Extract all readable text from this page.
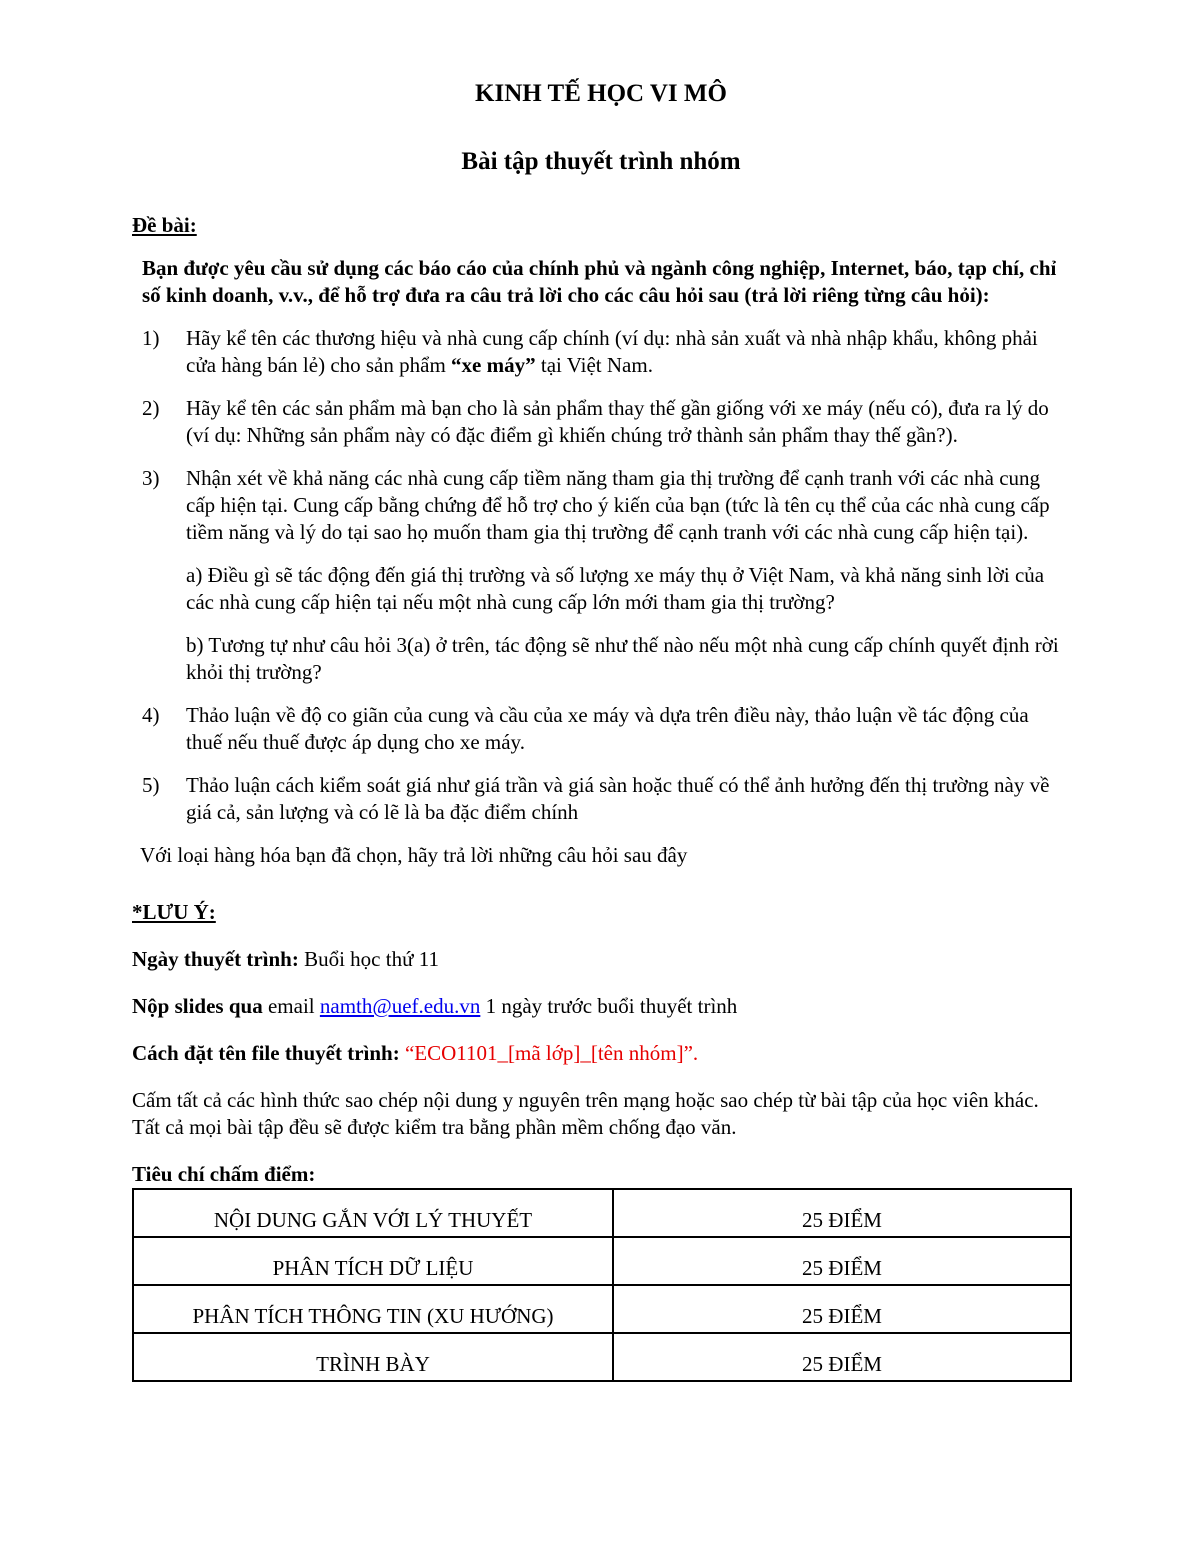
KINH TẾ HỌC VI MÔ

Bài tập thuyết trình nhóm

Đề bài:

Bạn được yêu cầu sử dụng các báo cáo của chính phủ và ngành công nghiệp, Internet, báo, tạp chí, chỉ số kinh doanh, v.v., để hỗ trợ đưa ra câu trả lời cho các câu hỏi sau (trả lời riêng từng câu hỏi):

1) Hãy kể tên các thương hiệu và nhà cung cấp chính (ví dụ: nhà sản xuất và nhà nhập khẩu, không phải cửa hàng bán lẻ) cho sản phẩm “xe máy” tại Việt Nam.
2) Hãy kể tên các sản phẩm mà bạn cho là sản phẩm thay thế gần giống với xe máy (nếu có), đưa ra lý do (ví dụ: Những sản phẩm này có đặc điểm gì khiến chúng trở thành sản phẩm thay thế gần?).
3) Nhận xét về khả năng các nhà cung cấp tiềm năng tham gia thị trường để cạnh tranh với các nhà cung cấp hiện tại. Cung cấp bằng chứng để hỗ trợ cho ý kiến của bạn (tức là tên cụ thể của các nhà cung cấp tiềm năng và lý do tại sao họ muốn tham gia thị trường để cạnh tranh với các nhà cung cấp hiện tại).

a) Điều gì sẽ tác động đến giá thị trường và số lượng xe máy thụ ở Việt Nam, và khả năng sinh lời của các nhà cung cấp hiện tại nếu một nhà cung cấp lớn mới tham gia thị trường?

b) Tương tự như câu hỏi 3(a) ở trên, tác động sẽ như thế nào nếu một nhà cung cấp chính quyết định rời khỏi thị trường?

4) Thảo luận về độ co giãn của cung và cầu của xe máy và dựa trên điều này, thảo luận về tác động của thuế nếu thuế được áp dụng cho xe máy.
5) Thảo luận cách kiểm soát giá như giá trần và giá sàn hoặc thuế có thể ảnh hưởng đến thị trường này về giá cả, sản lượng và có lẽ là ba đặc điểm chính

Với loại hàng hóa bạn đã chọn, hãy trả lời những câu hỏi sau đây

*LƯU Ý:

Ngày thuyết trình: Buổi học thứ 11

Nộp slides qua email namth@uef.edu.vn 1 ngày trước buổi thuyết trình

Cách đặt tên file thuyết trình: “ECO1101_[mã lớp]_[tên nhóm]”.

Cấm tất cả các hình thức sao chép nội dung y nguyên trên mạng hoặc sao chép từ bài tập của học viên khác. Tất cả mọi bài tập đều sẽ được kiểm tra bằng phần mềm chống đạo văn.

Tiêu chí chấm điểm:

NỘI DUNG GẮN VỚI LÝ THUYẾT	25 ĐIỂM
PHÂN TÍCH DỮ LIỆU	25 ĐIỂM
PHÂN TÍCH THÔNG TIN (XU HƯỚNG)	25 ĐIỂM
TRÌNH BÀY	25 ĐIỂM
